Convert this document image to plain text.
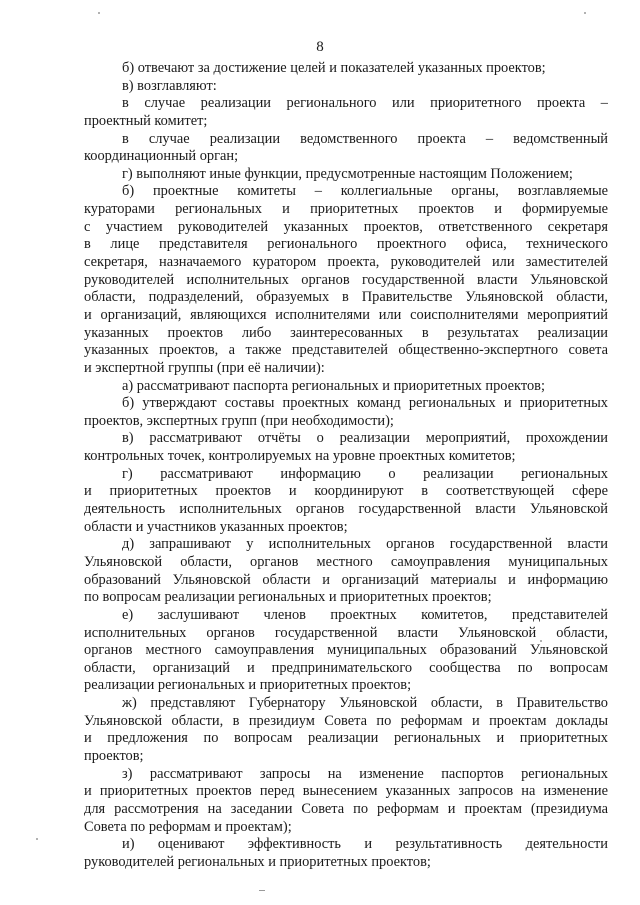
8
б) отвечают за достижение целей и показателей указанных проектов;
в) возглавляют:
в случае реализации регионального или приоритетного проекта –
проектный комитет;
в случае реализации ведомственного проекта – ведомственный
координационный орган;
г) выполняют иные функции, предусмотренные настоящим Положением;
б) проектные комитеты – коллегиальные органы, возглавляемые
кураторами региональных и приоритетных проектов и формируемые
с участием руководителей указанных проектов, ответственного секретаря
в лице представителя регионального проектного офиса, технического
секретаря, назначаемого куратором проекта, руководителей или заместителей
руководителей исполнительных органов государственной власти Ульяновской
области, подразделений, образуемых в Правительстве Ульяновской области,
и организаций, являющихся исполнителями или соисполнителями мероприятий
указанных проектов либо заинтересованных в результатах реализации
указанных проектов, а также представителей общественно-экспертного совета
и экспертной группы (при её наличии):
а) рассматривают паспорта региональных и приоритетных проектов;
б) утверждают составы проектных команд региональных и приоритетных
проектов, экспертных групп (при необходимости);
в) рассматривают отчёты о реализации мероприятий, прохождении
контрольных точек, контролируемых на уровне проектных комитетов;
г) рассматривают информацию о реализации региональных
и приоритетных проектов и координируют в соответствующей сфере
деятельность исполнительных органов государственной власти Ульяновской
области и участников указанных проектов;
д) запрашивают у исполнительных органов государственной власти
Ульяновской области, органов местного самоуправления муниципальных
образований Ульяновской области и организаций материалы и информацию
по вопросам реализации региональных и приоритетных проектов;
е) заслушивают членов проектных комитетов, представителей
исполнительных органов государственной власти Ульяновской области,
органов местного самоуправления муниципальных образований Ульяновской
области, организаций и предпринимательского сообщества по вопросам
реализации региональных и приоритетных проектов;
ж) представляют Губернатору Ульяновской области, в Правительство
Ульяновской области, в президиум Совета по реформам и проектам доклады
и предложения по вопросам реализации региональных и приоритетных
проектов;
з) рассматривают запросы на изменение паспортов региональных
и приоритетных проектов перед вынесением указанных запросов на изменение
для рассмотрения на заседании Совета по реформам и проектам (президиума
Совета по реформам и проектам);
и) оценивают эффективность и результативность деятельности
руководителей региональных и приоритетных проектов;
